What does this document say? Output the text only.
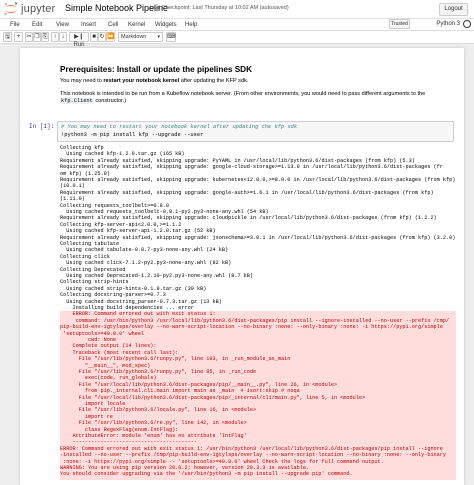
jupyter Simple Notebook Pipeline
Last Checkpoint: Last Thursday at 10:02 AM (autosaved)	Logout
File Edit View Insert Cell Kernel Widgets Help	Trusted	Python 3
🖫	+	✂ ❐ ⎘	↑ ↓	Markdown ▾
Prerequisites: Install or update the pipelines SDK
You may need to restart your notebook kernel after updating the KFP sdk.
This notebook is intended to be run from a Kubeflow notebook server. (From other environments, you would need to pass different arguments to the kfp.Client constructor.)
In [1]: # You may need to restart your notebook kernel after updating the kfp sdk
!python3 -m pip install kfp --upgrade --user
Collecting kfp
Using cached kfp-1.2.0.tar.gz (165 kB)
Requirement already satisfied, skipping upgrade: PyYAML in /usr/local/lib/python3.6/dist-packages (from kfp) (5.3)
Requirement already satisfied, skipping upgrade: google-cloud-storage>=1.13.0 in /usr/local/lib/python3.6/dist-packages (fr
om kfp) (1.25.0)
Requirement already satisfied, skipping upgrade: kubernetes<12.0.0,>=8.0.0 in /usr/local/lib/python3.6/dist-packages (from kfp)
(10.0.1)
Requirement already satisfied, skipping upgrade: google-auth>=1.6.1 in /usr/local/lib/python3.6/dist-packages (from kfp)
(1.11.0)
Collecting requests_toolbelt>=0.8.0
Using cached requests_toolbelt-0.9.1-py2.py3-none-any.whl (54 kB)
Requirement already satisfied, skipping upgrade: cloudpickle in /usr/local/lib/python3.6/dist-packages (from kfp) (1.2.2)
Collecting kfp-server-api<2.0.0,>=1.1.2
Using cached kfp-server-api-1.2.0.tar.gz (52 kB)
Requirement already satisfied, skipping upgrade: jsonschema>=3.0.1 in /usr/local/lib/python3.6/dist-packages (from kfp) (3.2.0)
Collecting tabulate
Using cached tabulate-0.8.7-py3-none-any.whl (24 kB)
Collecting click
Using cached click-7.1.2-py2.py3-none-any.whl (82 kB)
Collecting Deprecated
Using cached Deprecated-1.2.10-py2.py3-none-any.whl (8.7 kB)
Collecting strip-hints
Using cached strip-hints-0.1.9.tar.gz (30 kB)
Collecting docstring-parser>=0.7.3
Using cached docstring_parser-0.7.3.tar.gz (13 kB)
Installing build dependencies ... error
ERROR: Command errored out with exit status 1:
command: /usr/bin/python3 /usr/local/lib/python3.6/dist-packages/pip install --ignore-installed --no-user --prefix /tmp/
pip-build-env-1gtylsps/overlay --no-warn-script-location --no-binary :none: --only-binary :none: -i https://pypi.org/simple
'setuptools>=40.8.0' wheel
cwd: None
Complete output (14 lines):
Traceback (most recent call last):
File "/usr/lib/python3.6/runpy.py", line 193, in _run_module_as_main
"__main__", mod_spec)
File "/usr/lib/python3.6/runpy.py", line 85, in _run_code
exec(code, run_globals)
File "/usr/local/lib/python3.6/dist-packages/pip/__main__.py", line 26, in <module>
from pip._internal.cli.main import main as _main  # isort:skip # noqa
File "/usr/local/lib/python3.6/dist-packages/pip/_internal/cli/main.py", line 5, in <module>
import locale
File "/usr/lib/python3.6/locale.py", line 16, in <module>
import re
File "/usr/lib/python3.6/re.py", line 142, in <module>
class RegexFlag(enum.IntFlag):
AttributeError: module 'enum' has no attribute 'IntFlag'
----------------------------------------
ERROR: Command errored out with exit status 1: /usr/bin/python3 /usr/local/lib/python3.6/dist-packages/pip install --ignore
-installed --no-user --prefix /tmp/pip-build-env-1gtylsps/overlay --no-warn-script-location --no-binary :none: --only-binary
:none: -i https://pypi.org/simple -- 'setuptools>=40.8.0' wheel Check the logs for full command output.
WARNING: You are using pip version 20.0.2; however, version 20.3.3 is available.
You should consider upgrading via the '/usr/bin/python3 -m pip install --upgrade pip' command.
▶❙ Run
■ ↻ ⏩	⌨
